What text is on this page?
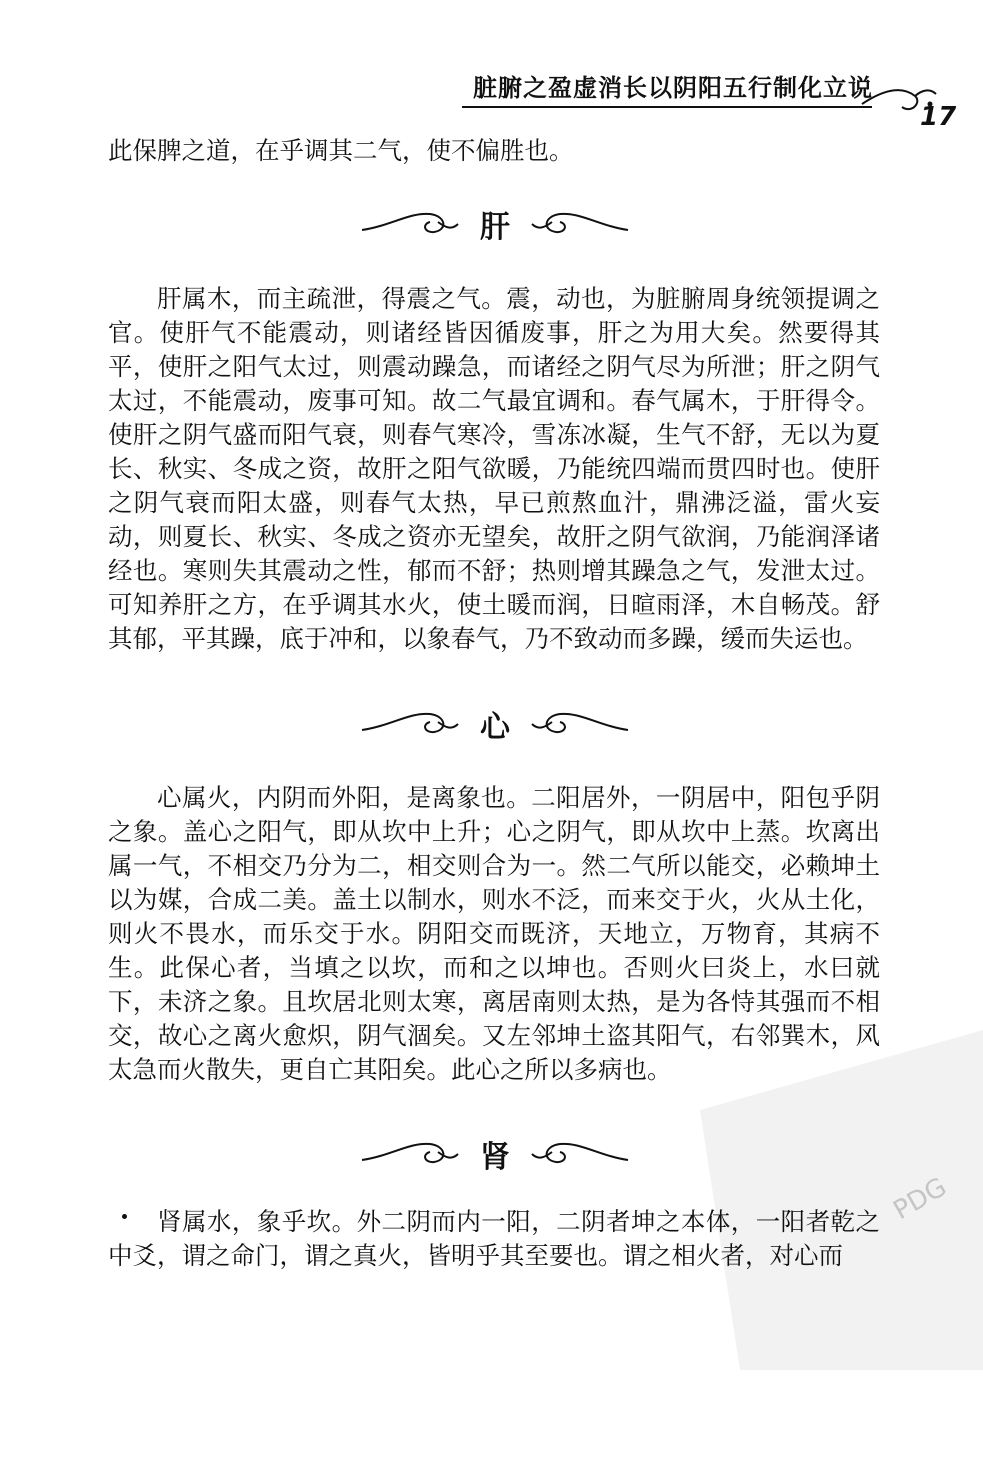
脏腑之盈虚消长以阴阳五行制化立说
17

此保脾之道，在乎调其二气，使不偏胜也。

肝

肝属木，而主疏泄，得震之气。震，动也，为脏腑周身统领提调之官。使肝气不能震动，则诸经皆因循废事，肝之为用大矣。然要得其平，使肝之阳气太过，则震动躁急，而诸经之阴气尽为所泄；肝之阴气太过，不能震动，废事可知。故二气最宜调和。春气属木，于肝得令。使肝之阴气盛而阳气衰，则春气寒冷，雪冻冰凝，生气不舒，无以为夏长、秋实、冬成之资，故肝之阳气欲暖，乃能统四端而贯四时也。使肝之阴气衰而阳太盛，则春气太热，早已煎熬血汁，鼎沸泛溢，雷火妄动，则夏长、秋实、冬成之资亦无望矣，故肝之阴气欲润，乃能润泽诸经也。寒则失其震动之性，郁而不舒；热则增其躁急之气，发泄太过。可知养肝之方，在乎调其水火，使土暖而润，日暄雨泽，木自畅茂。舒其郁，平其躁，底于冲和，以象春气，乃不致动而多躁，缓而失运也。

心

心属火，内阴而外阳，是离象也。二阳居外，一阴居中，阳包乎阴之象。盖心之阳气，即从坎中上升；心之阴气，即从坎中上蒸。坎离出属一气，不相交乃分为二，相交则合为一。然二气所以能交，必赖坤土以为媒，合成二美。盖土以制水，则水不泛，而来交于火，火从土化，则火不畏水，而乐交于水。阴阳交而既济，天地立，万物育，其病不生。此保心者，当填之以坎，而和之以坤也。否则火曰炎上，水曰就下，未济之象。且坎居北则太寒，离居南则太热，是为各恃其强而不相交，故心之离火愈炽，阴气涸矣。又左邻坤土盗其阳气，右邻巽木，风太急而火散失，更自亡其阳矣。此心之所以多病也。

肾

肾属水，象乎坎。外二阴而内一阳，二阴者坤之本体，一阳者乾之中爻，谓之命门，谓之真火，皆明乎其至要也。谓之相火者，对心而

PDG
